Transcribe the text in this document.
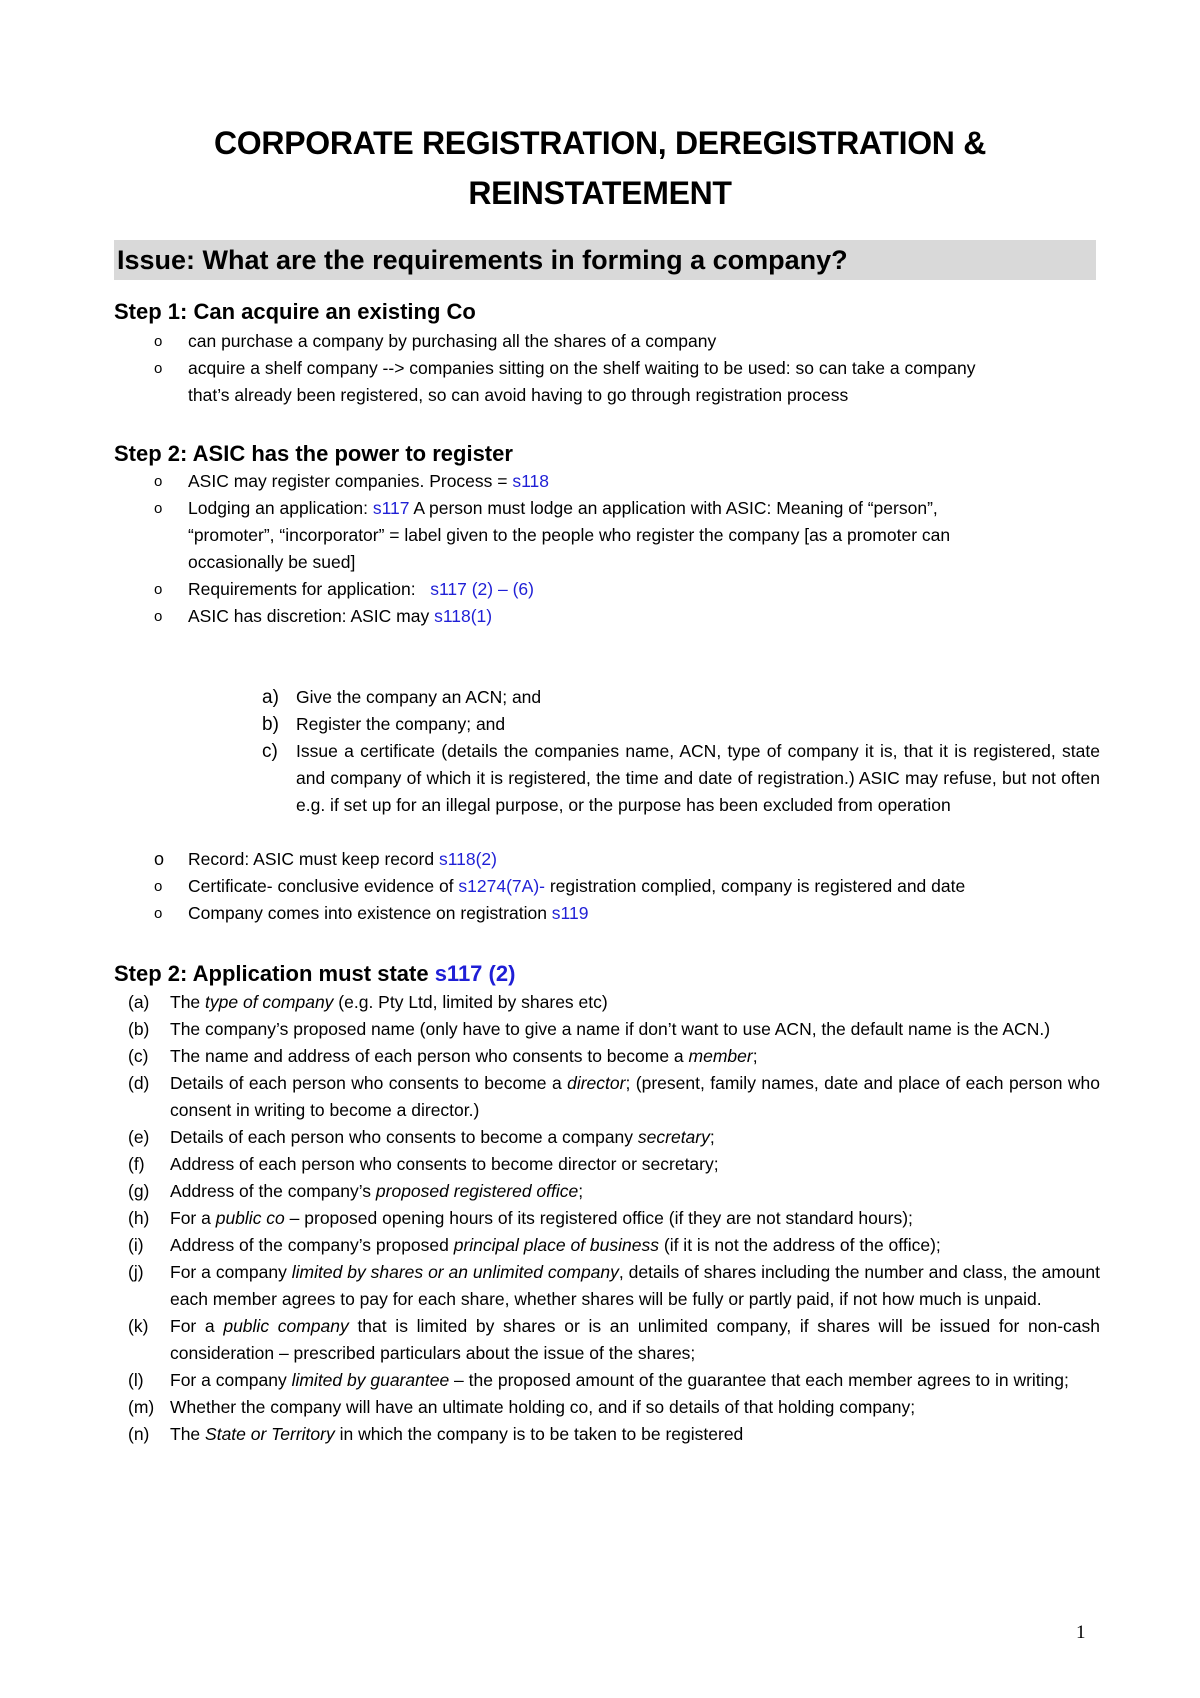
CORPORATE REGISTRATION, DEREGISTRATION &
REINSTATEMENT
Issue: What are the requirements in forming a company?
Step 1: Can acquire an existing Co
o can purchase a company by purchasing all the shares of a company
o acquire a shelf company --> companies sitting on the shelf waiting to be used: so can take a company that’s already been registered, so can avoid having to go through registration process
Step 2: ASIC has the power to register
o ASIC may register companies. Process = s118
o Lodging an application: s117 A person must lodge an application with ASIC: Meaning of “person”, “promoter”, “incorporator” = label given to the people who register the company [as a promoter can occasionally be sued]
o Requirements for application:   s117 (2) – (6)
o ASIC has discretion: ASIC may s118(1)
a) Give the company an ACN; and
b) Register the company; and
c) Issue a certificate (details the companies name, ACN, type of company it is, that it is registered, state and company of which it is registered, the time and date of registration.) ASIC may refuse, but not often e.g. if set up for an illegal purpose, or the purpose has been excluded from operation
o Record: ASIC must keep record s118(2)
o Certificate- conclusive evidence of s1274(7A)- registration complied, company is registered and date
o Company comes into existence on registration s119
Step 2: Application must state s117 (2)
(a) The type of company (e.g. Pty Ltd, limited by shares etc)
(b) The company’s proposed name (only have to give a name if don’t want to use ACN, the default name is the ACN.)
(c) The name and address of each person who consents to become a member;
(d) Details of each person who consents to become a director; (present, family names, date and place of each person who consent in writing to become a director.)
(e) Details of each person who consents to become a company secretary;
(f) Address of each person who consents to become director or secretary;
(g) Address of the company’s proposed registered office;
(h) For a public co – proposed opening hours of its registered office (if they are not standard hours);
(i) Address of the company’s proposed principal place of business (if it is not the address of the office);
(j) For a company limited by shares or an unlimited company, details of shares including the number and class, the amount each member agrees to pay for each share, whether shares will be fully or partly paid, if not how much is unpaid.
(k) For a public company that is limited by shares or is an unlimited company, if shares will be issued for non-cash consideration – prescribed particulars about the issue of the shares;
(l) For a company limited by guarantee – the proposed amount of the guarantee that each member agrees to in writing;
(m) Whether the company will have an ultimate holding co, and if so details of that holding company;
(n) The State or Territory in which the company is to be taken to be registered
1
